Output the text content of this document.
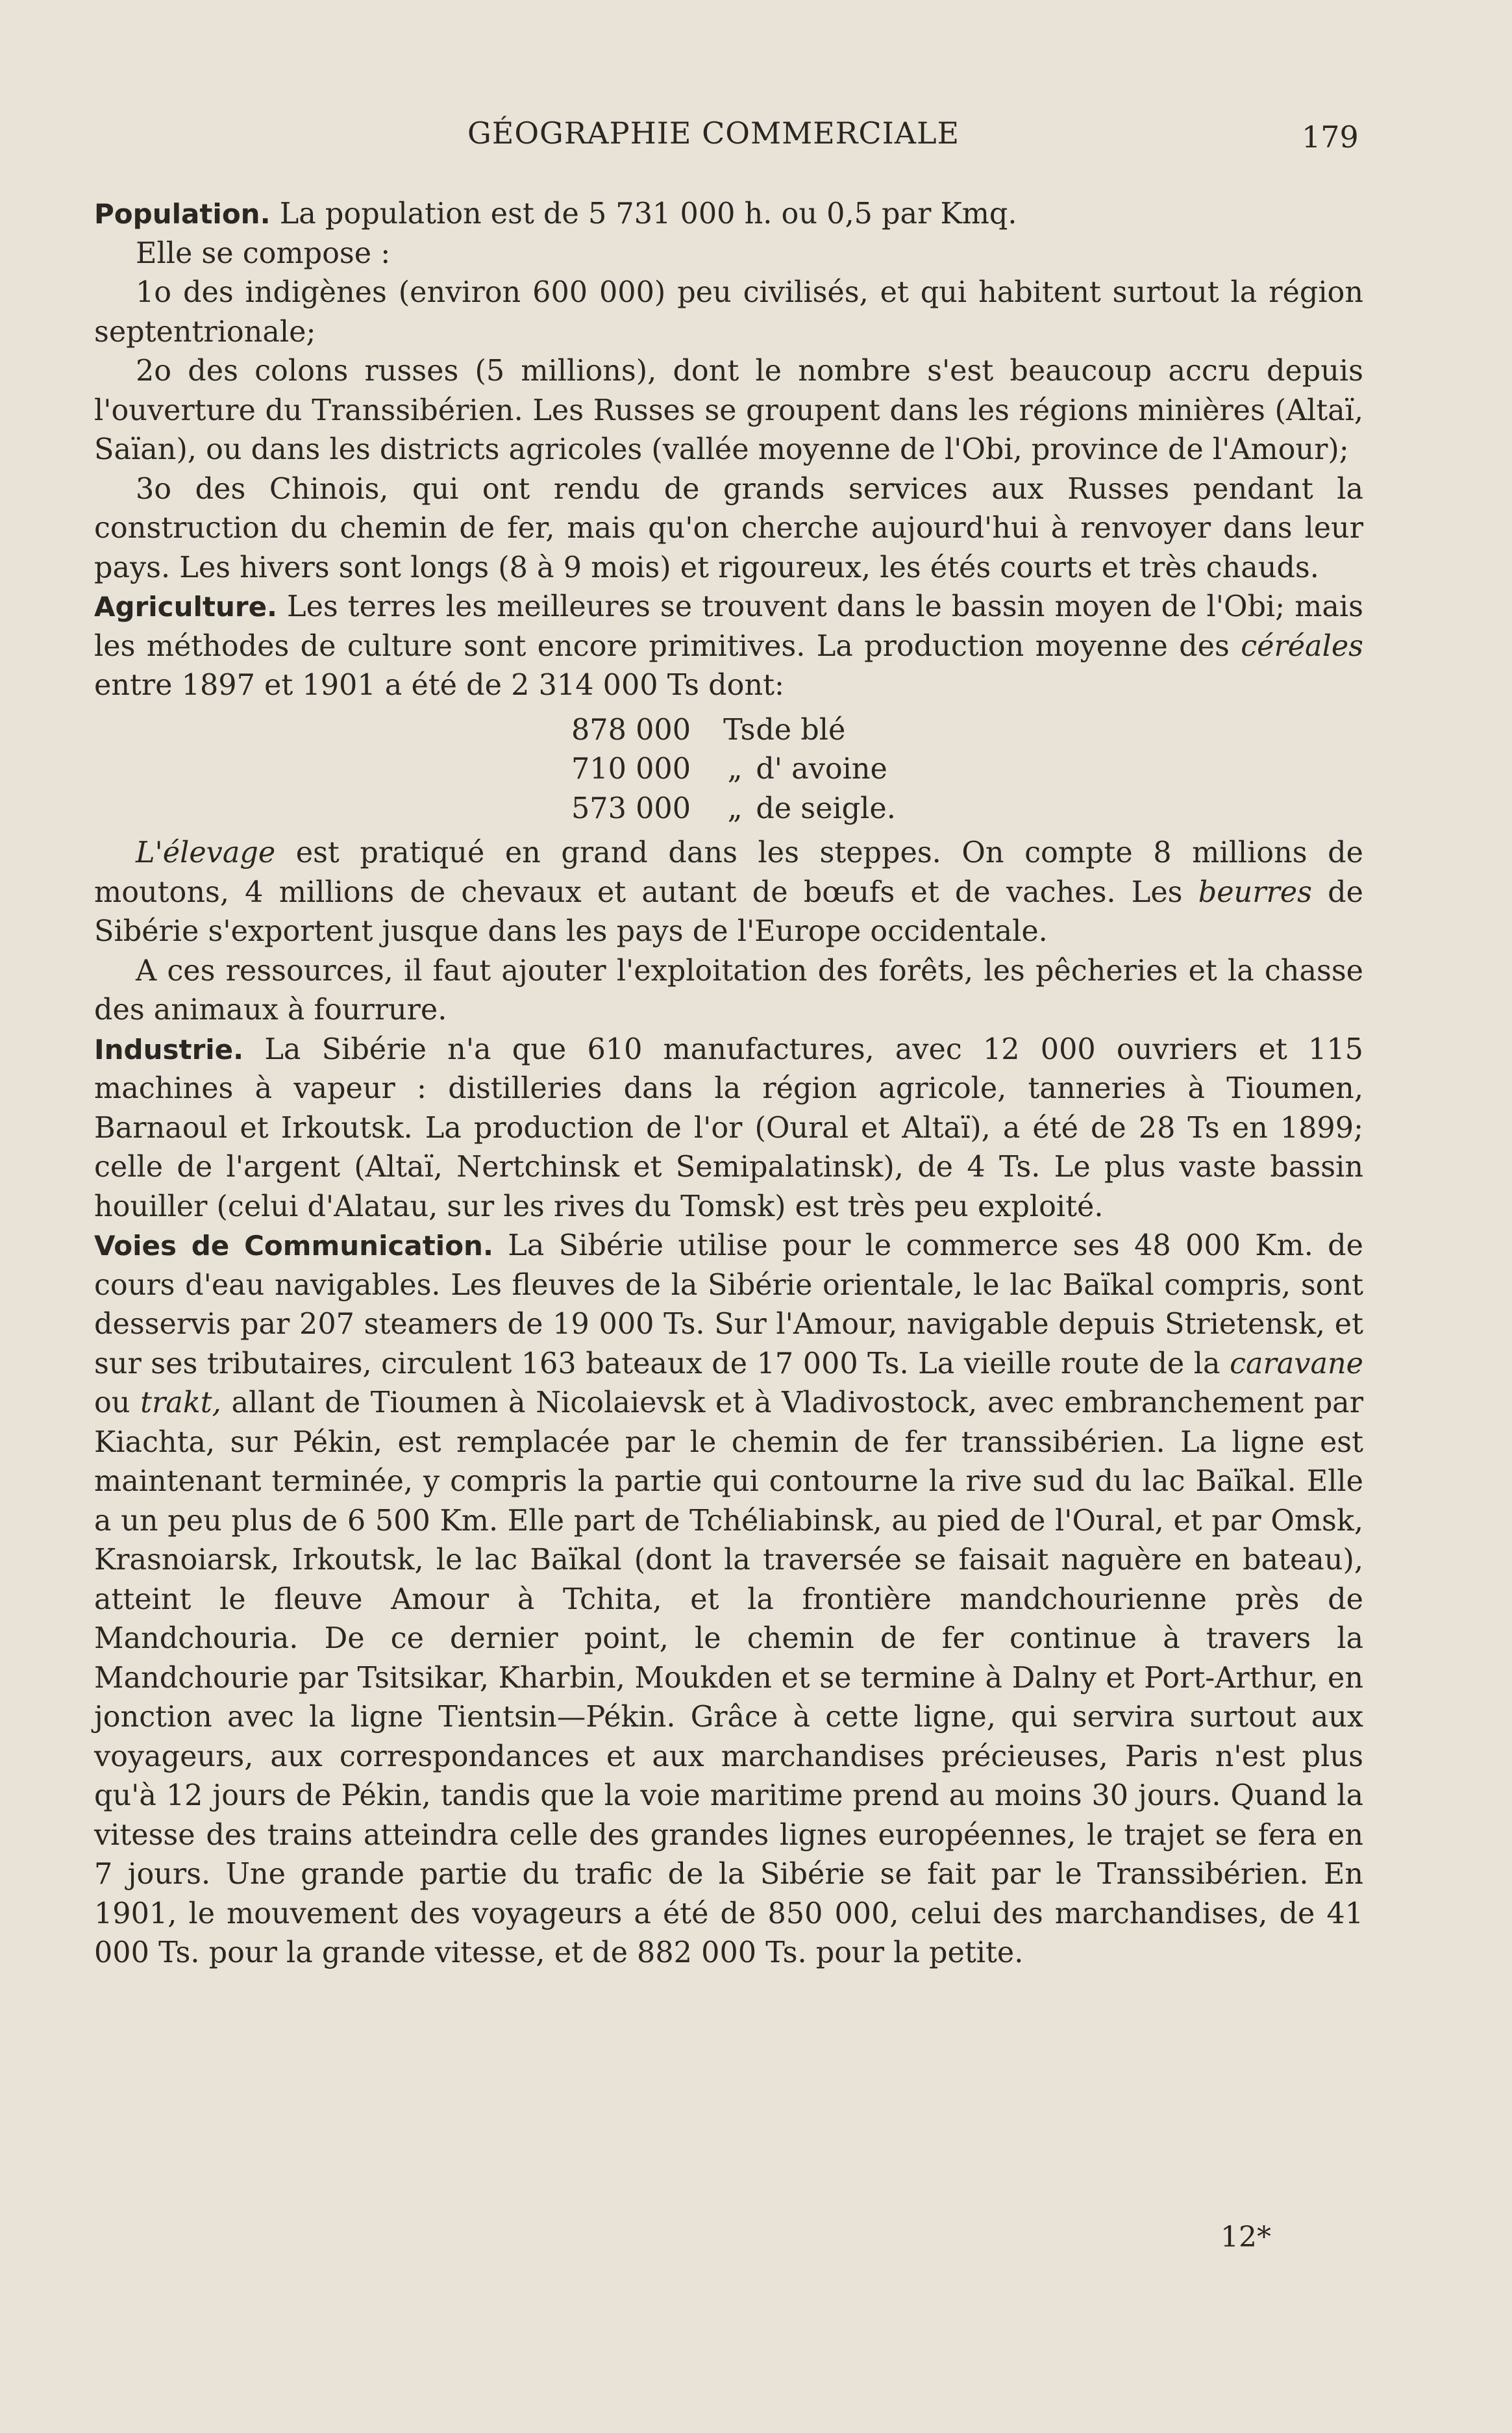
GÉOGRAPHIE COMMERCIALE	179

Population. La population est de 5 731 000 h. ou 0,5 par Kmq.

Elle se compose :

1o des indigènes (environ 600 000) peu civilisés, et qui habitent surtout la région septentrionale;

2o des colons russes (5 millions), dont le nombre s'est beaucoup accru depuis l'ouverture du Transsibérien. Les Russes se groupent dans les régions minières (Altaï, Saïan), ou dans les districts agricoles (vallée moyenne de l'Obi, province de l'Amour);

3o des Chinois, qui ont rendu de grands services aux Russes pendant la construction du chemin de fer, mais qu'on cherche aujourd'hui à renvoyer dans leur pays. Les hivers sont longs (8 à 9 mois) et rigoureux, les étés courts et très chauds.

Agriculture. Les terres les meilleures se trouvent dans le bassin moyen de l'Obi; mais les méthodes de culture sont encore primitives. La production moyenne des céréales entre 1897 et 1901 a été de 2 314 000 Ts dont:

878 000 Ts de blé
710 000 „ d' avoine
573 000 „ de seigle.

L'élevage est pratiqué en grand dans les steppes. On compte 8 millions de moutons, 4 millions de chevaux et autant de bœufs et de vaches. Les beurres de Sibérie s'exportent jusque dans les pays de l'Europe occidentale.

A ces ressources, il faut ajouter l'exploitation des forêts, les pêcheries et la chasse des animaux à fourrure.

Industrie. La Sibérie n'a que 610 manufactures, avec 12 000 ouvriers et 115 machines à vapeur : distilleries dans la région agricole, tanneries à Tioumen, Barnaoul et Irkoutsk. La production de l'or (Oural et Altaï), a été de 28 Ts en 1899; celle de l'argent (Altaï, Nertchinsk et Semipalatinsk), de 4 Ts. Le plus vaste bassin houiller (celui d'Alatau, sur les rives du Tomsk) est très peu exploité.

Voies de Communication. La Sibérie utilise pour le commerce ses 48 000 Km. de cours d'eau navigables. Les fleuves de la Sibérie orientale, le lac Baïkal compris, sont desservis par 207 steamers de 19 000 Ts. Sur l'Amour, navigable depuis Strietensk, et sur ses tributaires, circulent 163 bateaux de 17 000 Ts. La vieille route de la caravane ou trakt, allant de Tioumen à Nicolaievsk et à Vladivostock, avec embranchement par Kiachta, sur Pékin, est remplacée par le chemin de fer transsibérien. La ligne est maintenant terminée, y compris la partie qui contourne la rive sud du lac Baïkal. Elle a un peu plus de 6 500 Km. Elle part de Tchéliabinsk, au pied de l'Oural, et par Omsk, Krasnoiarsk, Irkoutsk, le lac Baïkal (dont la traversée se faisait naguère en bateau), atteint le fleuve Amour à Tchita, et la frontière mandchourienne près de Mandchouria. De ce dernier point, le chemin de fer continue à travers la Mandchourie par Tsitsikar, Kharbin, Moukden et se termine à Dalny et Port-Arthur, en jonction avec la ligne Tientsin—Pékin. Grâce à cette ligne, qui servira surtout aux voyageurs, aux correspondances et aux marchandises précieuses, Paris n'est plus qu'à 12 jours de Pékin, tandis que la voie maritime prend au moins 30 jours. Quand la vitesse des trains atteindra celle des grandes lignes européennes, le trajet se fera en 7 jours. Une grande partie du trafic de la Sibérie se fait par le Transsibérien. En 1901, le mouvement des voyageurs a été de 850 000, celui des marchandises, de 41 000 Ts. pour la grande vitesse, et de 882 000 Ts. pour la petite.

12*
